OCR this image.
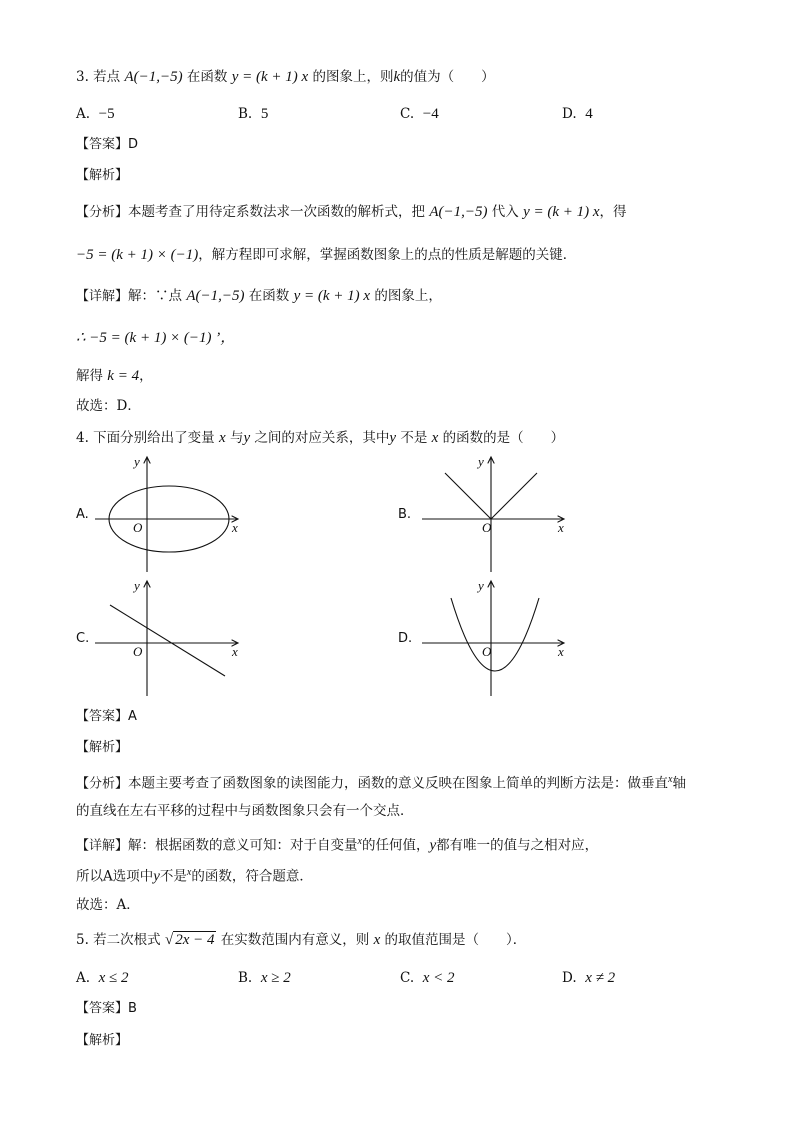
3. 若点 A(−1,−5) 在函数 y = (k + 1) x 的图象上，则k的值为（　　）
A. −5	B. 5	C. −4	D. 4
【答案】D
【解析】
【分析】本题考查了用待定系数法求一次函数的解析式，把 A(−1,−5) 代入 y = (k + 1) x，得
−5 = (k + 1) × (−1)，解方程即可求解，掌握函数图象上的点的性质是解题的关键．
【详解】解：∵点 A(−1,−5) 在函数 y = (k + 1) x 的图象上，
∴ −5 = (k + 1) × (−1) ’，
解得 k = 4，
故选：D．
4. 下面分别给出了变量 x 与y 之间的对应关系，其中y 不是 x 的函数的是（　　）
A.
y
x
O
B.
y
x
O
C.
y
x
O
D.
y
x
O
【答案】A
【解析】
【分析】本题主要考查了函数图象的读图能力，函数的意义反映在图象上简单的判断方法是：做垂直$^x$轴
的直线在左右平移的过程中与函数图象只会有一个交点．
【详解】解：根据函数的意义可知：对于自变量$^x$的任何值，y都有唯一的值与之相对应，
所以A选项中y不是$^x$的函数，符合题意．
故选：A．
5. 若二次根式 √ 2x − 4 在实数范围内有意义，则 x 的取值范围是（　　）．
A. x ≤ 2	B. x ≥ 2	C. x < 2	D. x ≠ 2
【答案】B
【解析】
